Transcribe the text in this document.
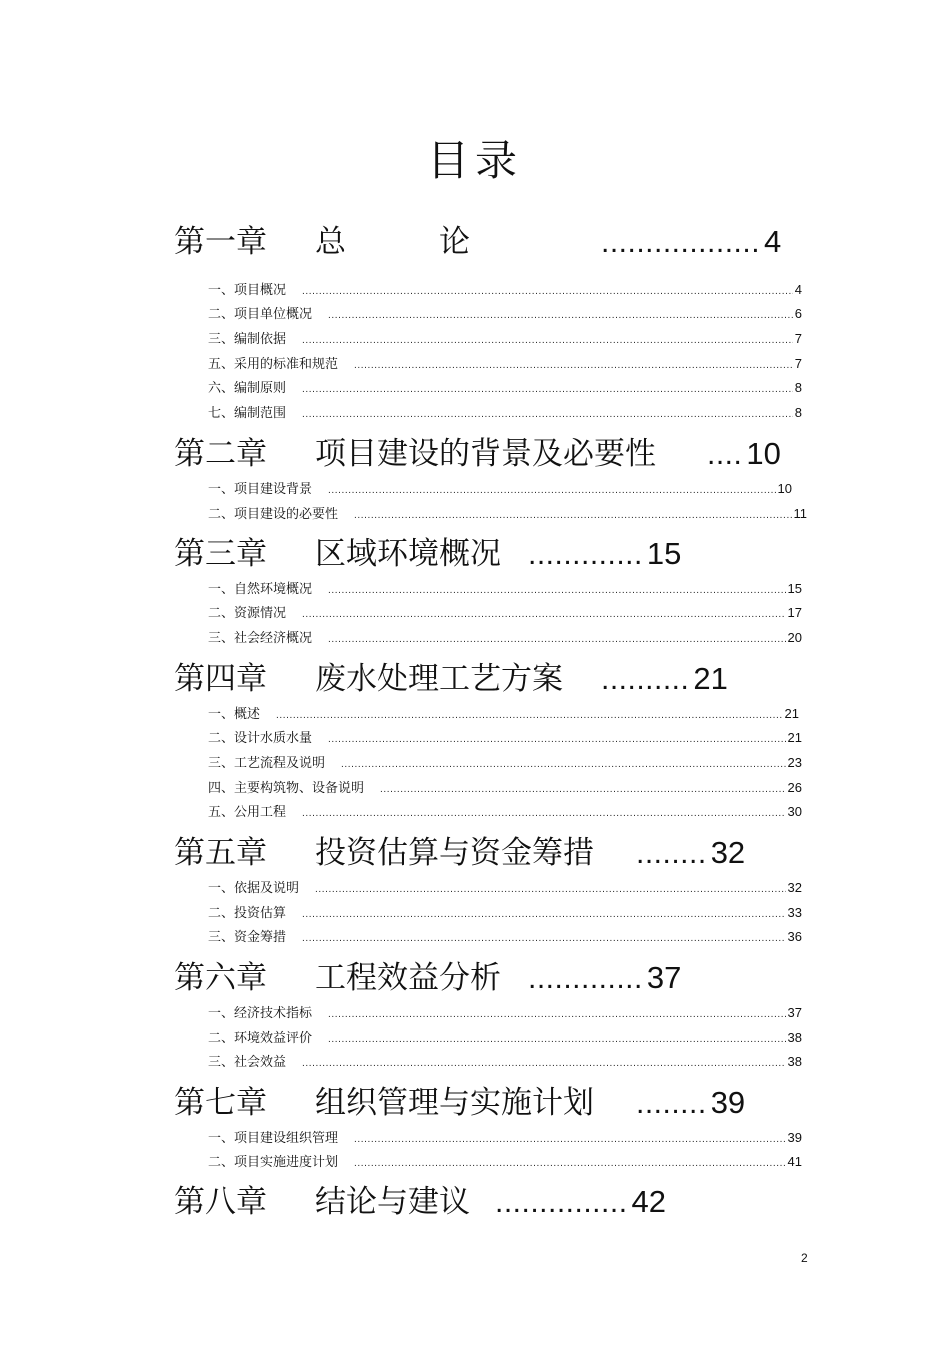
目录
第一章	总　　　论	.................. 4
一、项目概况 .....	4
二、项目单位概况 .....	6
三、编制依据 .....	7
五、采用的标准和规范 .....	7
六、编制原则 .....	8
七、编制范围 .....	8
第二章	项目建设的背景及必要性	.... 10
一、项目建设背景 .....	10
二、项目建设的必要性 .....	11
第三章	区域环境概况 ............. 15
一、自然环境概况 .....	15
二、资源情况 .....	17
三、社会经济概况 .....	20
第四章	废水处理工艺方案	.......... 21
一、概述 .....	21
二、设计水质水量 .....	21
三、工艺流程及说明 .....	23
四、主要构筑物、设备说明 .....	26
五、公用工程 .....	30
第五章	投资估算与资金筹措	........ 32
一、依据及说明 .....	32
二、投资估算 .....	33
三、资金筹措 .....	36
第六章	工程效益分析 ............. 37
一、经济技术指标 .....	37
二、环境效益评价 .....	38
三、社会效益 .....	38
第七章	组织管理与实施计划	........ 39
一、项目建设组织管理 .....	39
二、项目实施进度计划 .....	41
第八章	结论与建议 ............... 42
2
